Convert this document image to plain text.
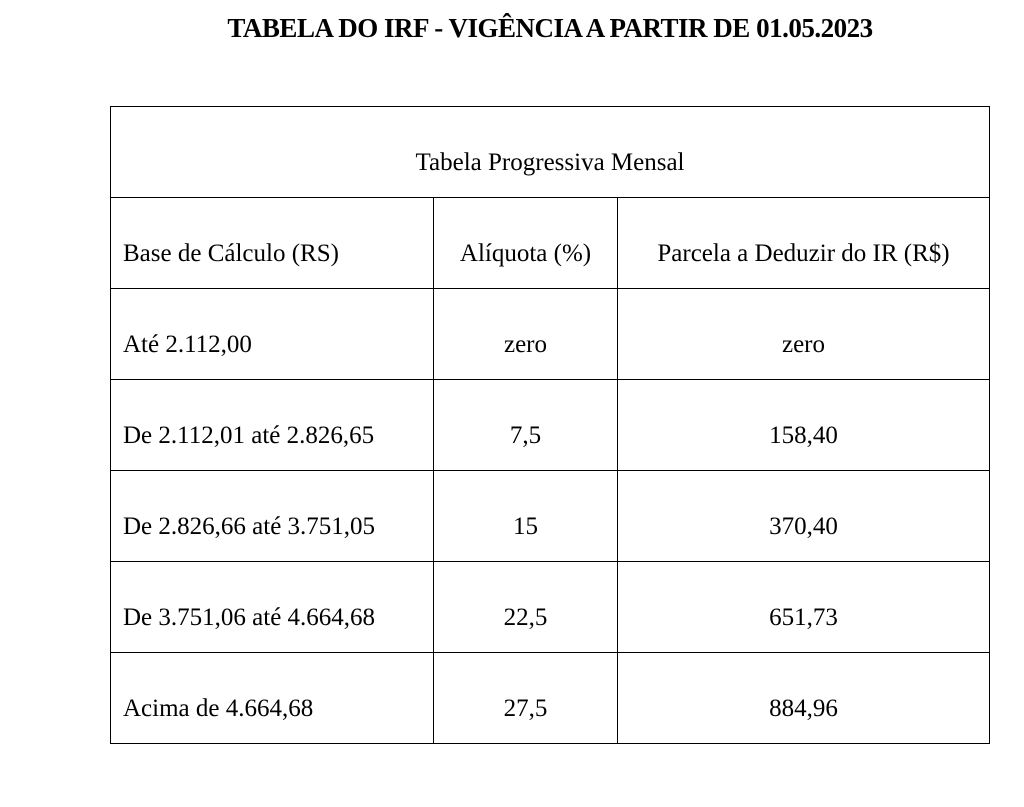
TABELA DO IRF - VIGÊNCIA A PARTIR DE 01.05.2023
Tabela Progressiva Mensal		
Base de Cálculo (RS)	Alíquota (%)	Parcela a Deduzir do IR (R$)
Até 2.112,00	zero	zero
De 2.112,01 até 2.826,65	7,5	158,40
De 2.826,66 até 3.751,05	15	370,40
De 3.751,06 até 4.664,68	22,5	651,73
Acima de 4.664,68	27,5	884,96
